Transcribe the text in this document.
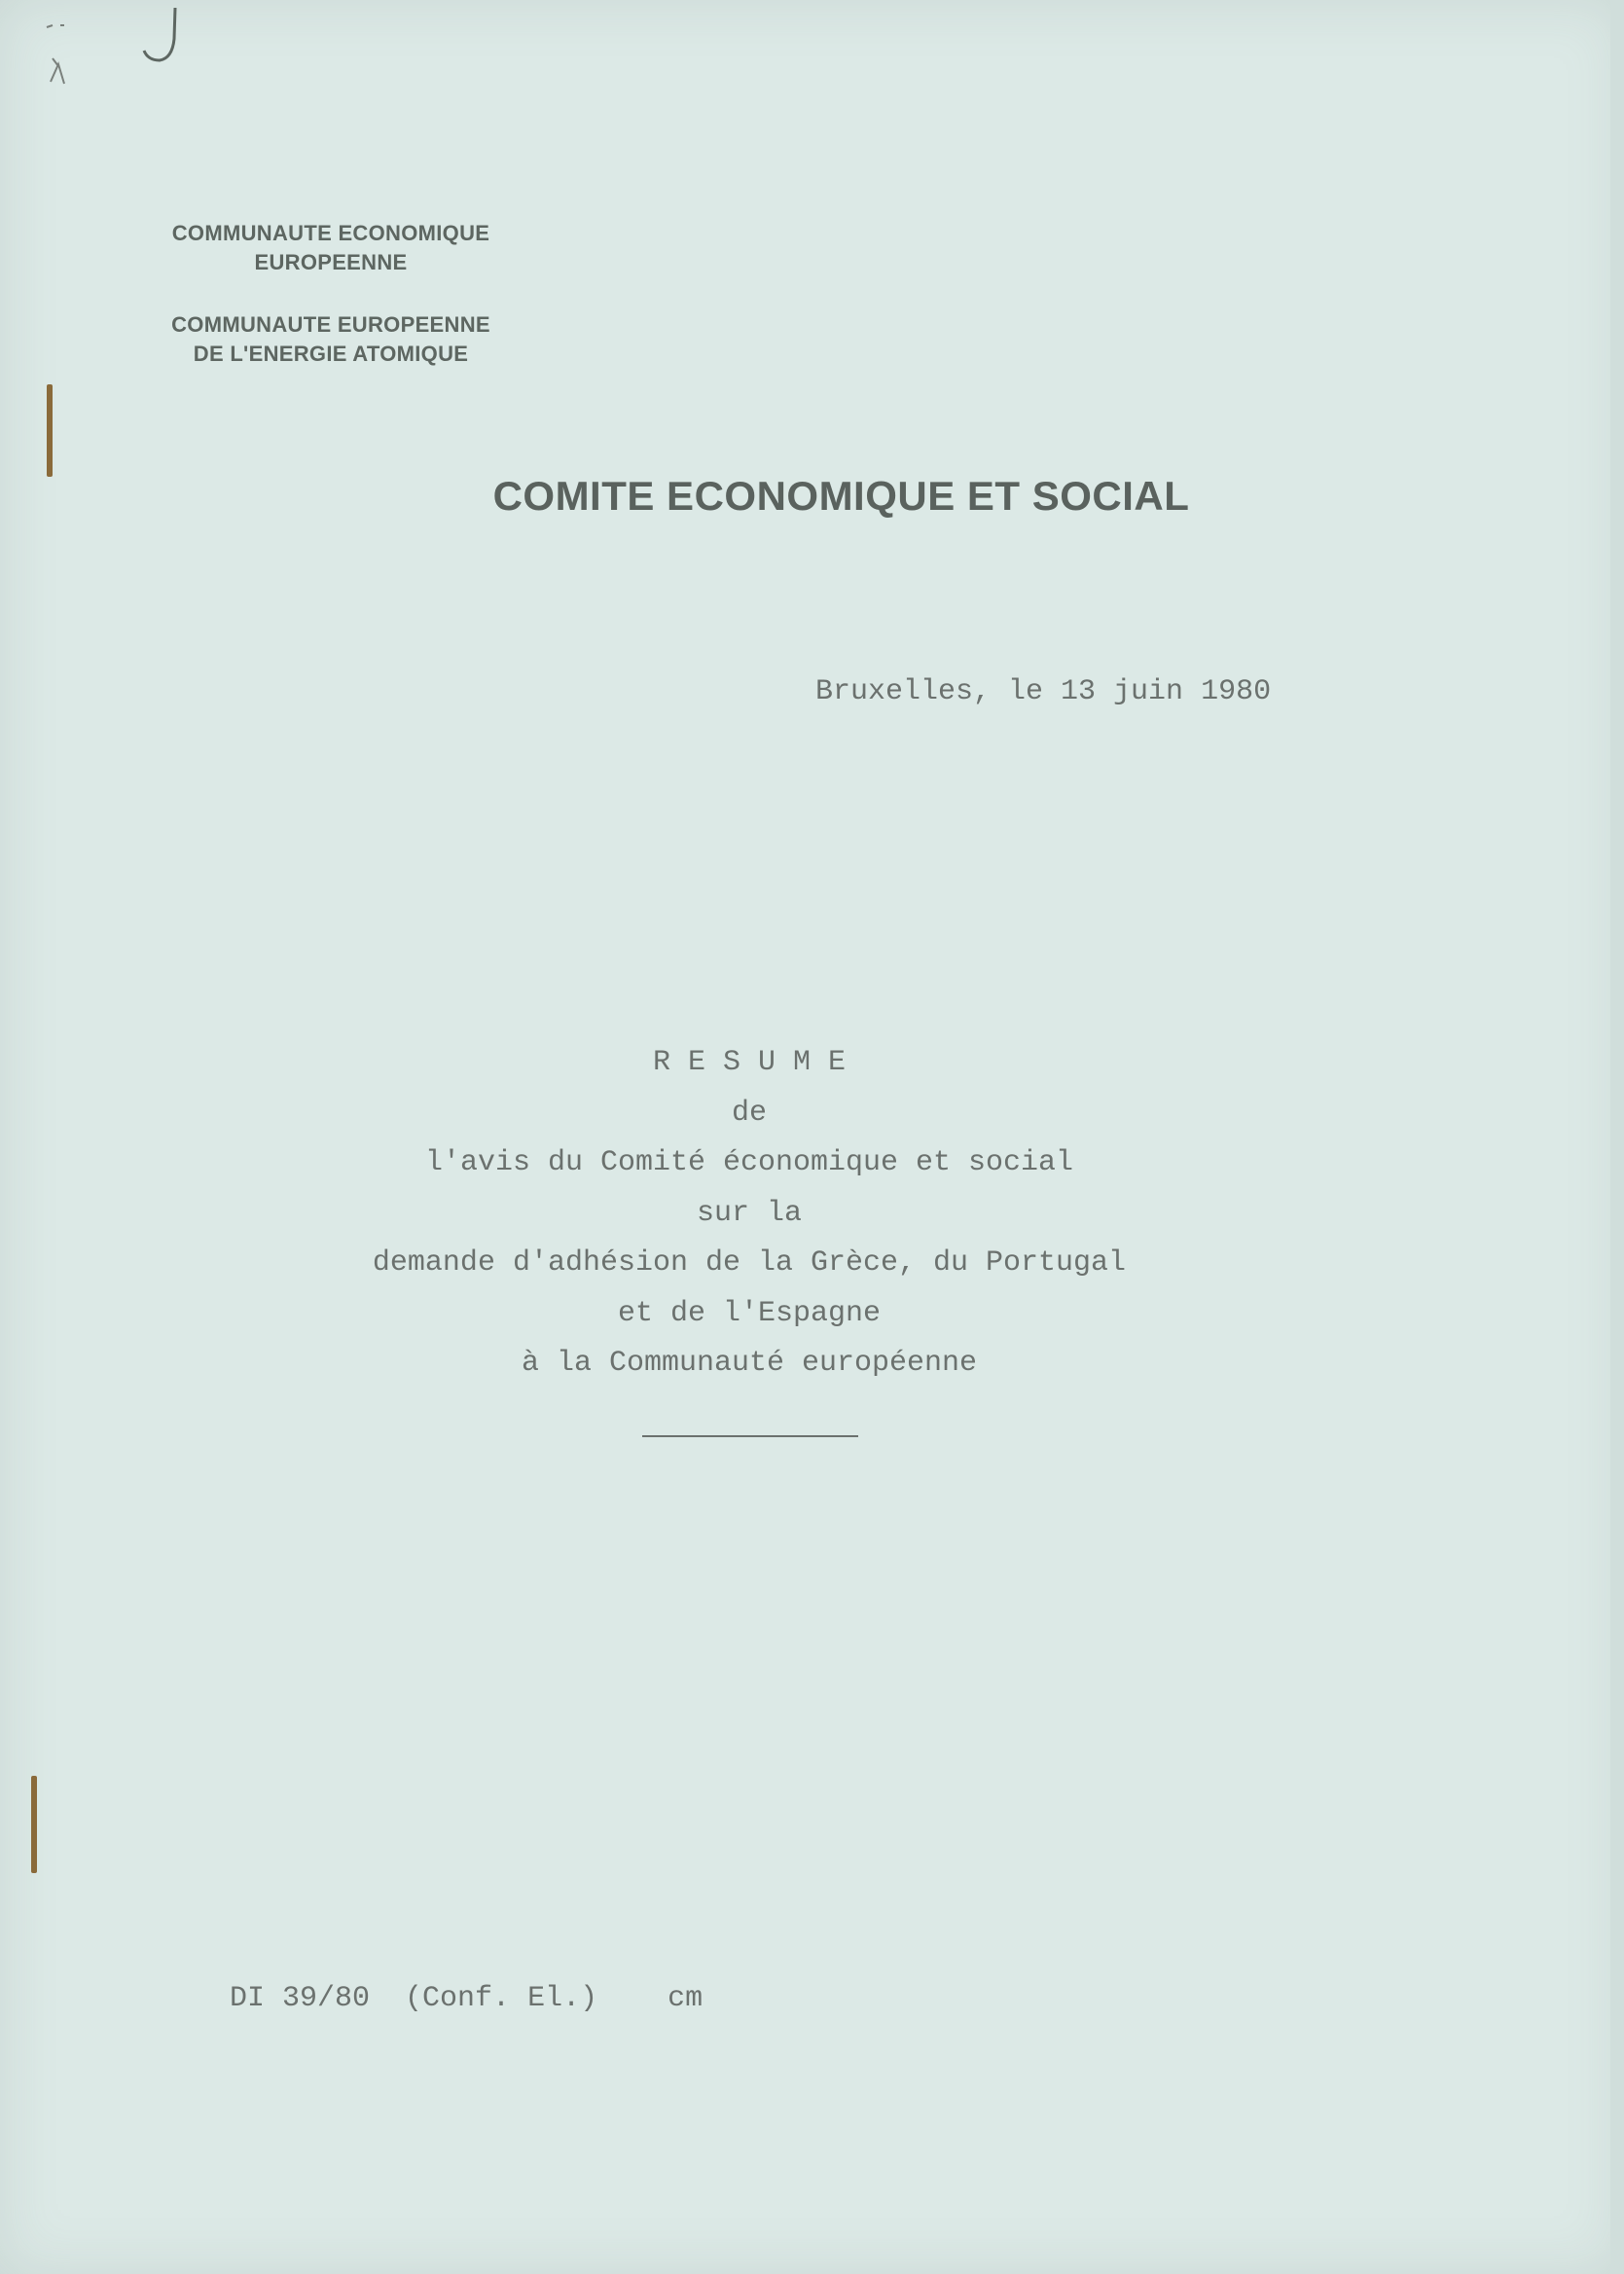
COMMUNAUTE ECONOMIQUE
EUROPEENNE
COMMUNAUTE EUROPEENNE
DE L'ENERGIE ATOMIQUE
COMITE ECONOMIQUE ET SOCIAL
Bruxelles, le 13 juin 1980
R E S U M E
de
l'avis du Comité économique et social
sur la
demande d'adhésion de la Grèce, du Portugal
et de l'Espagne
à la Communauté européenne
DI 39/80 (Conf. El.) cm
